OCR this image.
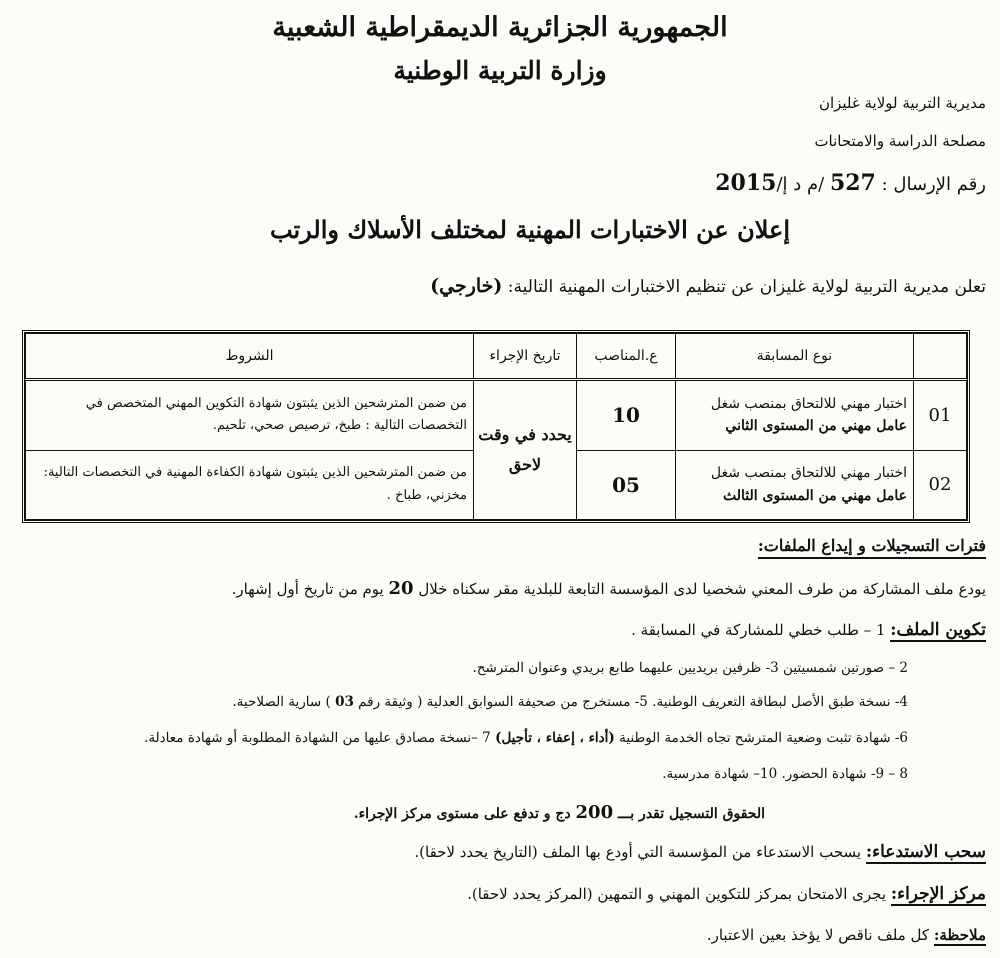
الجمهورية الجزائرية الديمقراطية الشعبية
وزارة التربية الوطنية
مديرية التربية لولاية غليزان
مصلحة الدراسة والامتحانات
رقم الإرسال : 527 /م د إ/2015
إعلان عن الاختبارات المهنية لمختلف الأسلاك والرتب
تعلن مديرية التربية لولاية غليزان عن تنظيم الاختبارات المهنية التالية: (خارجي)
	نوع المسابقة	ع.المناصب	تاريخ الإجراء	الشروط
01	اختبار مهني للالتحاق بمنصب شغل
عامل مهني من المستوى الثاني	10	يحدد في وقت لاحق	من ضمن المترشحين الذين يثبتون شهادة التكوين المهني المتخصص في التخصصات التالية : طبخ، ترصيص صحي، تلحيم.
02	اختبار مهني للالتحاق بمنصب شغل
عامل مهني من المستوى الثالث	05		من ضمن المترشحين الذين يثبتون شهادة الكفاءة المهنية في التخصصات التالية: مخزني، طباخ .
فترات التسجيلات و إيداع الملفات:
يودع ملف المشاركة من طرف المعني شخصيا لدى المؤسسة التابعة للبلدية مقر سكناه خلال 20 يوم من تاريخ أول إشهار.
تكوين الملف: 1 – طلب خطي للمشاركة في المسابقة .
2 – صورتين شمسيتين 3- ظرفين بريديين عليهما طابع بريدي وعنوان المترشح.
4- نسخة طبق الأصل لبطاقة التعريف الوطنية. 5- مستخرج من صحيفة السوابق العدلية ( وثيقة رقم 03 ) سارية الصلاحية.
6- شهادة تثبت وضعية المترشح تجاه الخدمة الوطنية (أداء ، إعفاء ، تأجيل) 7 –نسخة مصادق عليها من الشهادة المطلوبة أو شهادة معادلة.
8 – 9- شهادة الحضور. 10– شهادة مدرسية.
الحقوق التسجيل تقدر بـــ 200 دج و تدفع على مستوى مركز الإجراء.
سحب الاستدعاء: يسحب الاستدعاء من المؤسسة التي أودع بها الملف (التاريخ يحدد لاحقا).
مركز الإجراء: يجرى الامتحان بمركز للتكوين المهني و التمهين (المركز يحدد لاحقا).
ملاحظة: كل ملف ناقص لا يؤخذ بعين الاعتبار.
